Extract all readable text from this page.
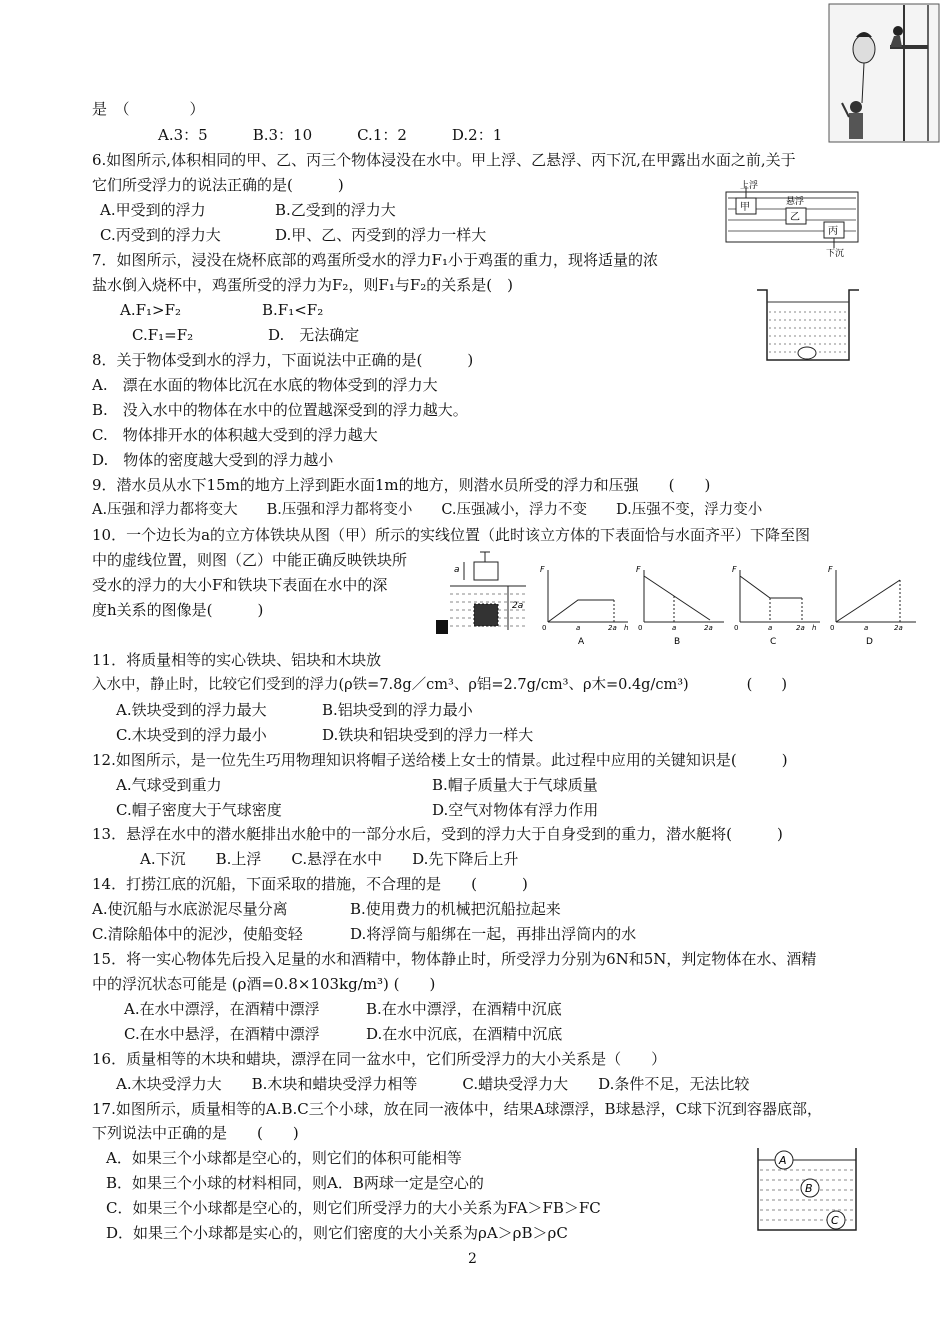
是　（　　　　）
A.3：5　　　B.3：10　　　C.1：2　　　D.2：1
6.如图所示,体积相同的甲、乙、丙三个物体浸没在水中。甲上浮、乙悬浮、丙下沉,在甲露出水面之前,关于
它们所受浮力的说法正确的是(　　　)
A.甲受到的浮力	B.乙受到的浮力大
C.丙受到的浮力大	D.甲、乙、丙受到的浮力一样大
7．如图所示，浸没在烧杯底部的鸡蛋所受水的浮力F₁小于鸡蛋的重力，现将适量的浓
盐水倒入烧杯中，鸡蛋所受的浮力为F₂，则F₁与F₂的关系是(　)
A.F₁>F₂	B.F₁<F₂
C.F₁=F₂	D.　无法确定
8．关于物体受到水的浮力，下面说法中正确的是(　　　)
A.　漂在水面的物体比沉在水底的物体受到的浮力大
B.　没入水中的物体在水中的位置越深受到的浮力越大。
C.　物体排开水的体积越大受到的浮力越大
D.　物体的密度越大受到的浮力越小
9．潜水员从水下15m的地方上浮到距水面1m的地方，则潜水员所受的浮力和压强　　(　　)
A.压强和浮力都将变大　　B.压强和浮力都将变小　　C.压强减小，浮力不变　　D.压强不变，浮力变小
10．一个边长为a的立方体铁块从图（甲）所示的实线位置（此时该立方体的下表面恰与水面齐平）下降至图
中的虚线位置，则图（乙）中能正确反映铁块所
受水的浮力的大小F和铁块下表面在水中的深
度h关系的图像是(　　　)
11．将质量相等的实心铁块、铝块和木块放
入水中，静止时，比较它们受到的浮力(ρ铁=7.8g／cm³、ρ铝=2.7g/cm³、ρ木=0.4g/cm³)　　　　(　　)
A.铁块受到的浮力最大	B.铝块受到的浮力最小
C.木块受到的浮力最小	D.铁块和铝块受到的浮力一样大
12.如图所示，是一位先生巧用物理知识将帽子送给楼上女士的情景。此过程中应用的关键知识是(　　　)
A.气球受到重力	B.帽子质量大于气球质量
C.帽子密度大于气球密度	D.空气对物体有浮力作用
13．悬浮在水中的潜水艇排出水舱中的一部分水后，受到的浮力大于自身受到的重力，潜水艇将(　　　)
A.下沉　　B.上浮　　C.悬浮在水中　　D.先下降后上升
14．打捞江底的沉船，下面采取的措施，不合理的是　　(　　　)
A.使沉船与水底淤泥尽量分离	B.使用费力的机械把沉船拉起来
C.清除船体中的泥沙，使船变轻	D.将浮筒与船绑在一起，再排出浮筒内的水
15．将一实心物体先后投入足量的水和酒精中，物体静止时，所受浮力分别为6N和5N，判定物体在水、酒精
中的浮沉状态可能是 (ρ酒=0.8×103kg/m³) (　　)
A.在水中漂浮，在酒精中漂浮	B.在水中漂浮，在酒精中沉底
C.在水中悬浮，在酒精中漂浮	D.在水中沉底，在酒精中沉底
16．质量相等的木块和蜡块，漂浮在同一盆水中，它们所受浮力的大小关系是（　　）
A.木块受浮力大　　B.木块和蜡块受浮力相等　　　C.蜡块受浮力大　　D.条件不足，无法比较
17.如图所示，质量相等的A.B.C三个小球，放在同一液体中，结果A球漂浮，B球悬浮，C球下沉到容器底部，
下列说法中正确的是　　(　　)
A．如果三个小球都是空心的，则它们的体积可能相等
B．如果三个小球的材料相同，则A．B两球一定是空心的
C．如果三个小球都是空心的，则它们所受浮力的大小关系为FA＞FB＞FC
D．如果三个小球都是实心的，则它们密度的大小关系为ρA＞ρB＞ρC
2
上浮
悬浮
下沉
甲
乙
丙
a
2a
F
0	a	2a h
A
F
0	a	2a
B
F
0	a	2a h
C
F
0	a	2a
D
A
B
C
